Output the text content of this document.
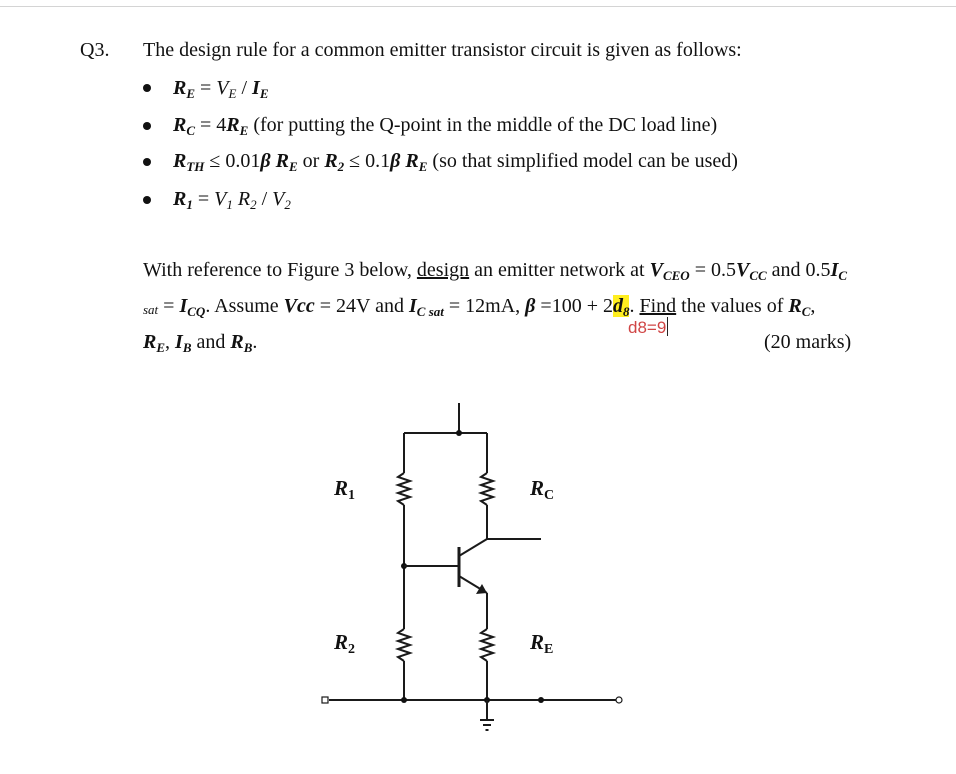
Q3. The design rule for a common emitter transistor circuit is given as follows:
$R_E = V_E / I_E$
$R_C = 4R_E$ (for putting the Q-point in the middle of the DC load line)
$R_{TH} \le 0.01\beta$ $R_E$ or $R_2 \le 0.1\beta$ $R_E$ (so that simplified model can be used)
$R_1 = V_1$ $R_2 / V_2$
With reference to Figure 3 below, design an emitter network at $V_{CEO} = 0.5V_{CC}$ and $0.5I_C$
sat = $I_{CQ}$. Assume Vcc = 24V and $I_{C sat} = 12mA$, $\beta =100 + 2d_8$. Find the values of $R_C$,
d8=9
$R_E$, $I_B$ and $R_B$.	(20 marks)
R1	RC
R2	RE
